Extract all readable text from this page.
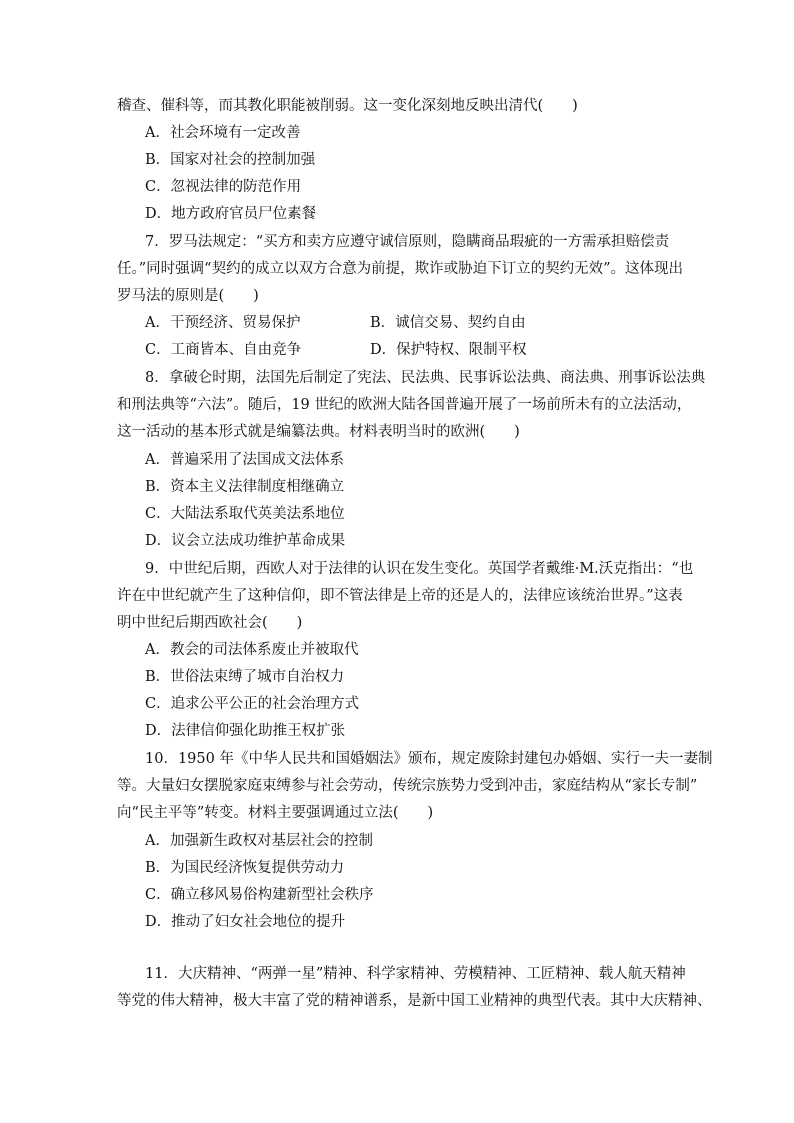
稽查、催科等，而其教化职能被削弱。这一变化深刻地反映出清代(　　)
A．社会环境有一定改善
B．国家对社会的控制加强
C．忽视法律的防范作用
D．地方政府官员尸位素餐
7．罗马法规定：“买方和卖方应遵守诚信原则，隐瞒商品瑕疵的一方需承担赔偿责
任。”同时强调“契约的成立以双方合意为前提，欺诈或胁迫下订立的契约无效”。这体现出
罗马法的原则是(　　)
A．干预经济、贸易保护	B．诚信交易、契约自由
C．工商皆本、自由竞争	D．保护特权、限制平权
8．拿破仑时期，法国先后制定了宪法、民法典、民事诉讼法典、商法典、刑事诉讼法典
和刑法典等“六法”。随后，19 世纪的欧洲大陆各国普遍开展了一场前所未有的立法活动，
这一活动的基本形式就是编纂法典。材料表明当时的欧洲(　　)
A．普遍采用了法国成文法体系
B．资本主义法律制度相继确立
C．大陆法系取代英美法系地位
D．议会立法成功维护革命成果
9．中世纪后期，西欧人对于法律的认识在发生变化。英国学者戴维·M.沃克指出：“也
许在中世纪就产生了这种信仰，即不管法律是上帝的还是人的，法律应该统治世界。”这表
明中世纪后期西欧社会(　　)
A．教会的司法体系废止并被取代
B．世俗法束缚了城市自治权力
C．追求公平公正的社会治理方式
D．法律信仰强化助推王权扩张
10．1950 年《中华人民共和国婚姻法》颁布，规定废除封建包办婚姻、实行一夫一妻制
等。大量妇女摆脱家庭束缚参与社会劳动，传统宗族势力受到冲击，家庭结构从“家长专制”
向“民主平等”转变。材料主要强调通过立法(　　)
A．加强新生政权对基层社会的控制
B．为国民经济恢复提供劳动力
C．确立移风易俗构建新型社会秩序
D．推动了妇女社会地位的提升
11．大庆精神、“两弹一星”精神、科学家精神、劳模精神、工匠精神、载人航天精神
等党的伟大精神，极大丰富了党的精神谱系，是新中国工业精神的典型代表。其中大庆精神、
